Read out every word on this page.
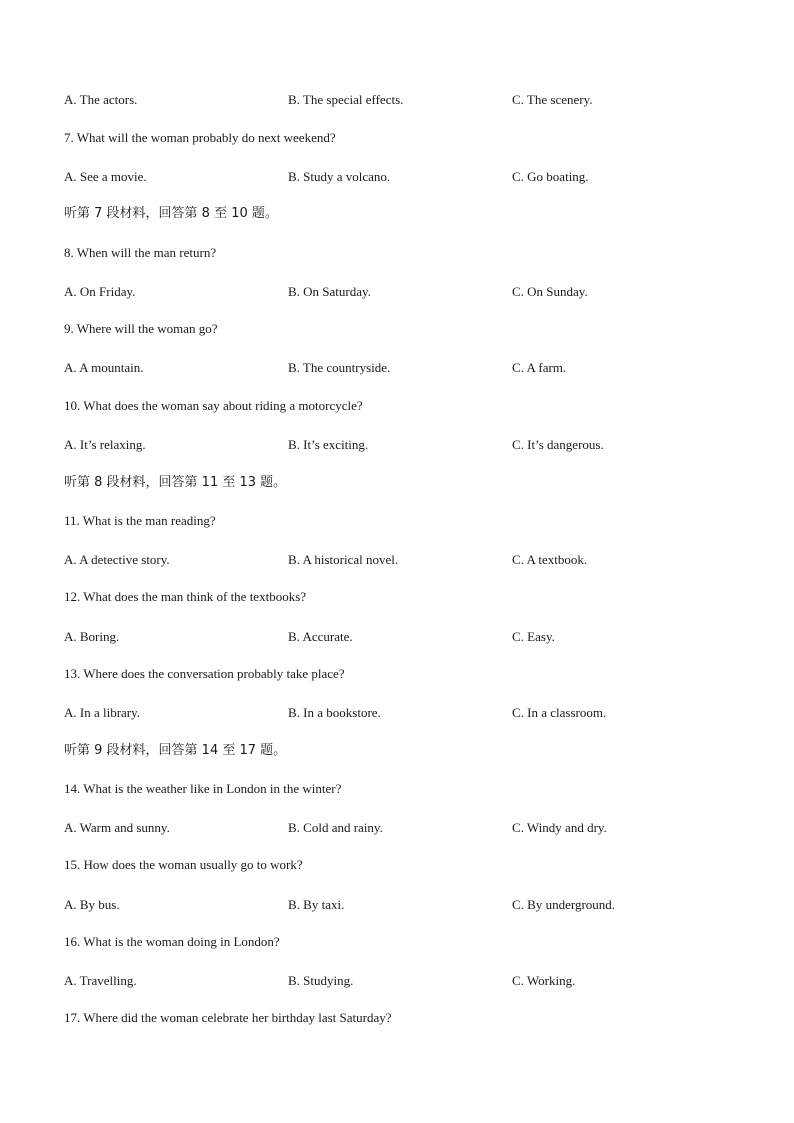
A. The actors.	B. The special effects.	C. The scenery.
7. What will the woman probably do next weekend?
A. See a movie.	B. Study a volcano.	C. Go boating.
听第 7 段材料，回答第 8 至 10 题。
8. When will the man return?
A. On Friday.	B. On Saturday.	C. On Sunday.
9. Where will the woman go?
A. A mountain.	B. The countryside.	C. A farm.
10. What does the woman say about riding a motorcycle?
A. It’s relaxing.	B. It’s exciting.	C. It’s dangerous.
听第 8 段材料，回答第 11 至 13 题。
11. What is the man reading?
A. A detective story.	B. A historical novel.	C. A textbook.
12. What does the man think of the textbooks?
A. Boring.	B. Accurate.	C. Easy.
13. Where does the conversation probably take place?
A. In a library.	B. In a bookstore.	C. In a classroom.
听第 9 段材料，回答第 14 至 17 题。
14. What is the weather like in London in the winter?
A. Warm and sunny.	B. Cold and rainy.	C. Windy and dry.
15. How does the woman usually go to work?
A. By bus.	B. By taxi.	C. By underground.
16. What is the woman doing in London?
A. Travelling.	B. Studying.	C. Working.
17. Where did the woman celebrate her birthday last Saturday?
